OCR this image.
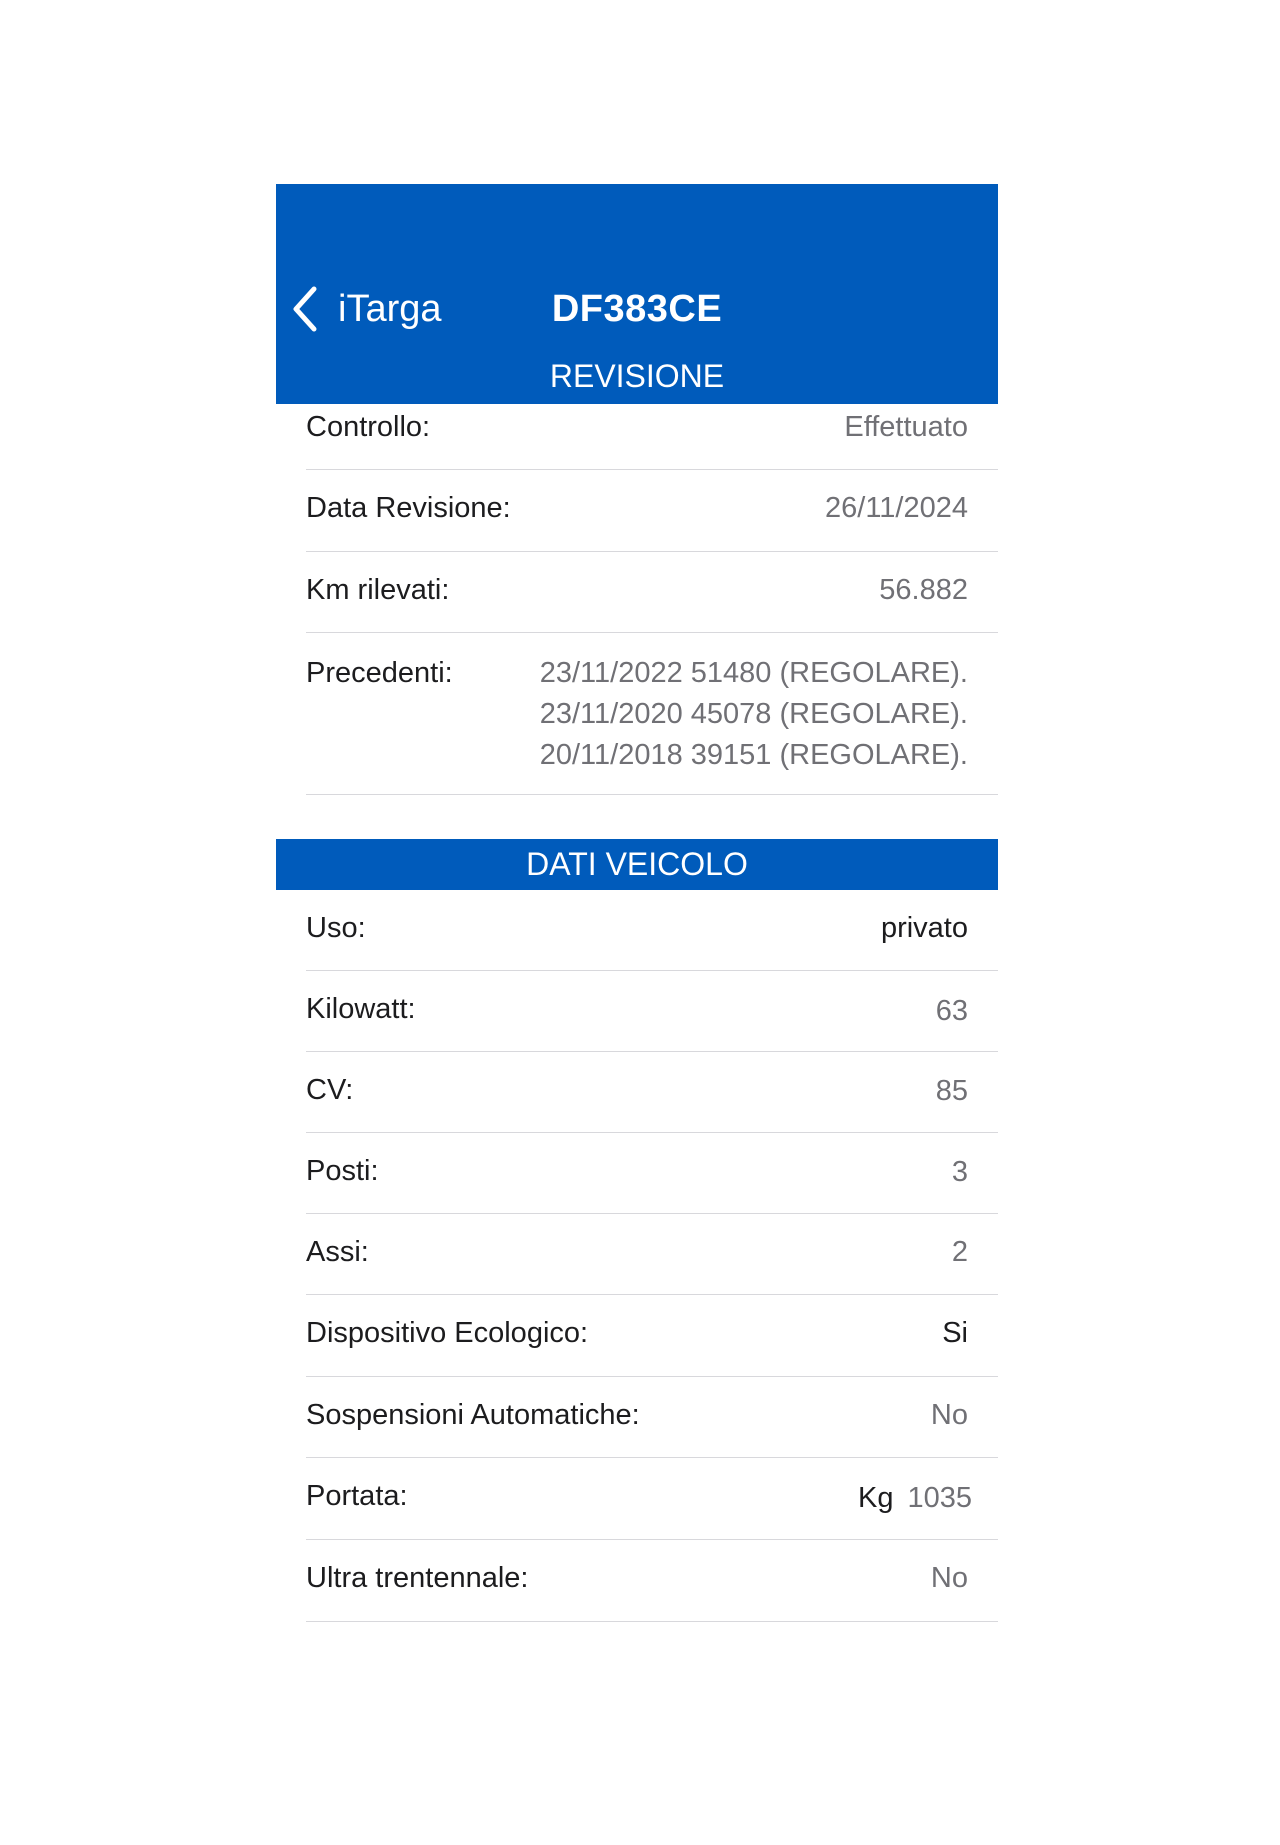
iTarga	DF383CE
REVISIONE
Controllo:	Effettuato
Data Revisione:	26/11/2024
Km rilevati:	56.882
Precedenti:	23/11/2022 51480 (REGOLARE).
23/11/2020 45078 (REGOLARE).
20/11/2018 39151 (REGOLARE).
DATI VEICOLO
Uso:	privato
Kilowatt:	63
CV:	85
Posti:	3
Assi:	2
Dispositivo Ecologico:	Si
Sospensioni Automatiche:	No
Portata:	Kg 1035
Ultra trentennale:	No
